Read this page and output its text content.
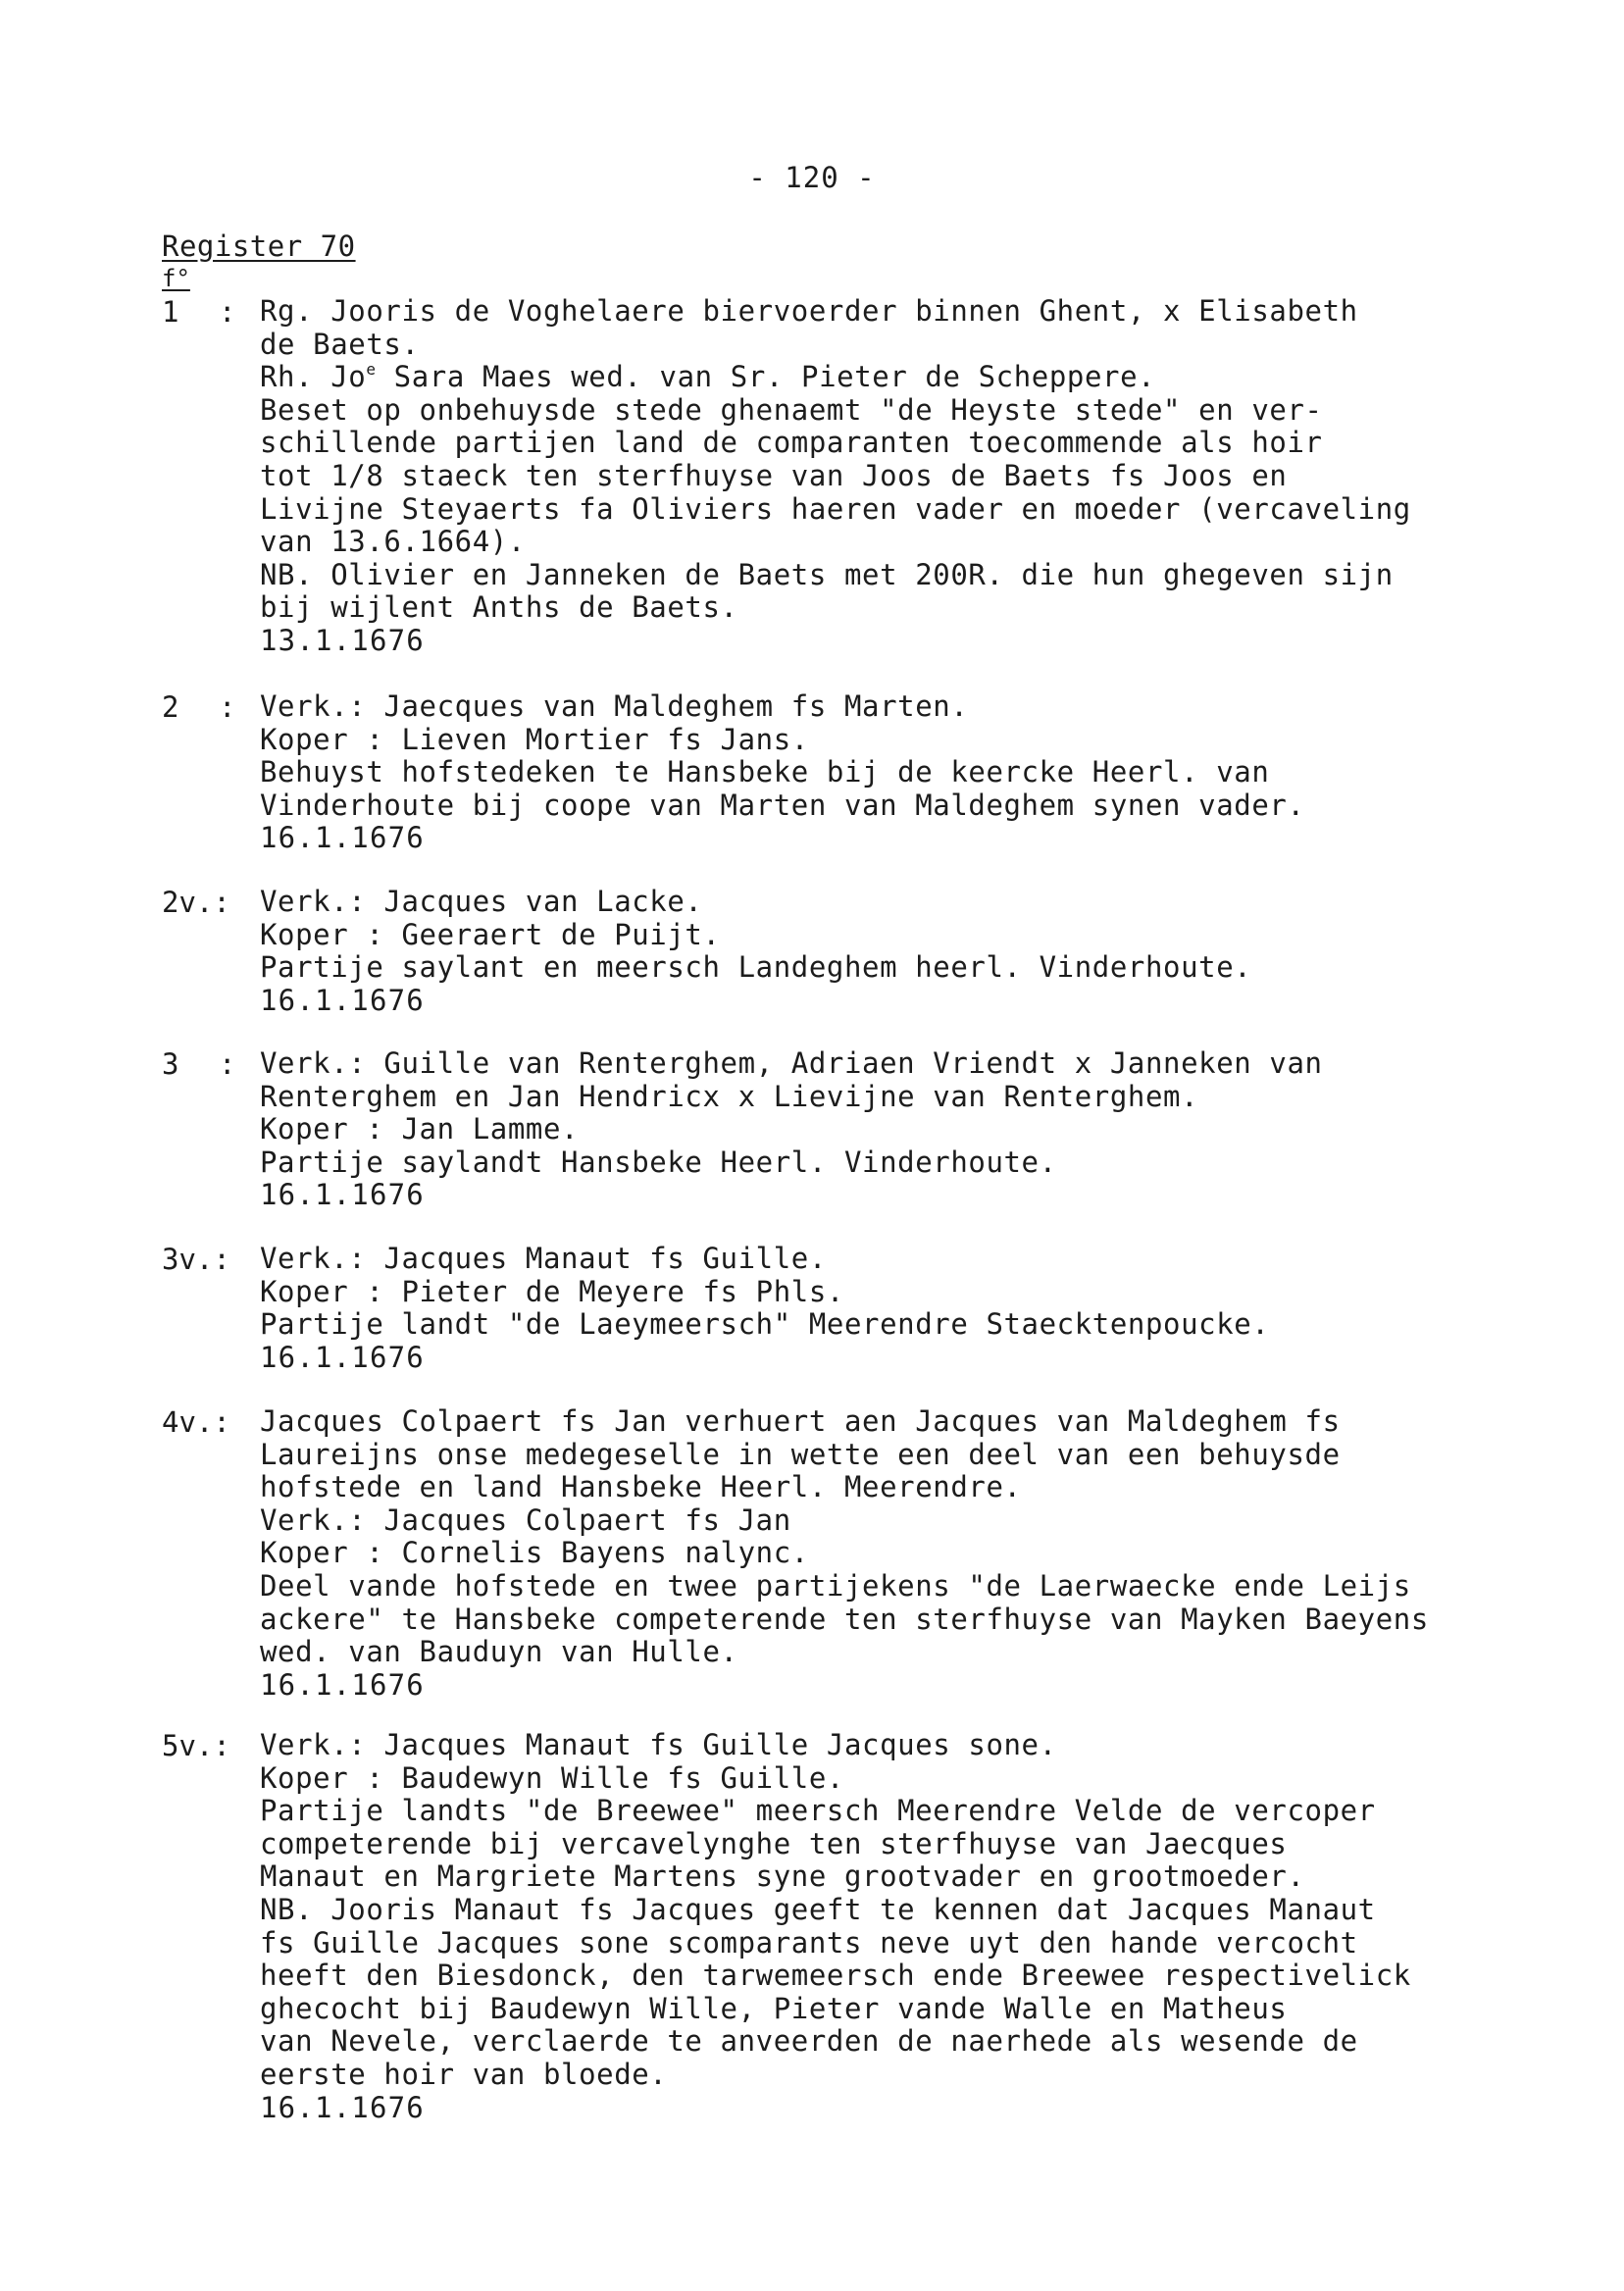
- 120 -
Register 70
f°
1 : Rg. Jooris de Voghelaere biervoerder binnen Ghent, x Elisabeth
de Baets.
Rh. Jo$^e$ Sara Maes wed. van Sr. Pieter de Scheppere.
Beset op onbehuysde stede ghenaemt "de Heyste stede" en ver-
schillende partijen land de comparanten toecommende als hoir
tot 1/8 staeck ten sterfhuyse van Joos de Baets fs Joos en
Livijne Steyaerts fa Oliviers haeren vader en moeder (vercaveling
van 13.6.1664).
NB. Olivier en Janneken de Baets met 200R. die hun ghegeven sijn
bij wijlent Anths de Baets.
13.1.1676
2 : Verk.: Jaecques van Maldeghem fs Marten.
Koper : Lieven Mortier fs Jans.
Behuyst hofstedeken te Hansbeke bij de keercke Heerl. van
Vinderhoute bij coope van Marten van Maldeghem synen vader.
16.1.1676
2v.: Verk.: Jacques van Lacke.
Koper : Geeraert de Puijt.
Partije saylant en meersch Landeghem heerl. Vinderhoute.
16.1.1676
3 : Verk.: Guille van Renterghem, Adriaen Vriendt x Janneken van
Renterghem en Jan Hendricx x Lievijne van Renterghem.
Koper : Jan Lamme.
Partije saylandt Hansbeke Heerl. Vinderhoute.
16.1.1676
3v.: Verk.: Jacques Manaut fs Guille.
Koper : Pieter de Meyere fs Phls.
Partije landt "de Laeymeersch" Meerendre Staecktenpoucke.
16.1.1676
4v.: Jacques Colpaert fs Jan verhuert aen Jacques van Maldeghem fs
Laureijns onse medegeselle in wette een deel van een behuysde
hofstede en land Hansbeke Heerl. Meerendre.
Verk.: Jacques Colpaert fs Jan
Koper : Cornelis Bayens nalync.
Deel vande hofstede en twee partijekens "de Laerwaecke ende Leijs
ackere" te Hansbeke competerende ten sterfhuyse van Mayken Baeyens
wed. van Bauduyn van Hulle.
16.1.1676
5v.: Verk.: Jacques Manaut fs Guille Jacques sone.
Koper : Baudewyn Wille fs Guille.
Partije landts "de Breewee" meersch Meerendre Velde de vercoper
competerende bij vercavelynghe ten sterfhuyse van Jaecques
Manaut en Margriete Martens syne grootvader en grootmoeder.
NB. Jooris Manaut fs Jacques geeft te kennen dat Jacques Manaut
fs Guille Jacques sone scomparants neve uyt den hande vercocht
heeft den Biesdonck, den tarwemeersch ende Breewee respectivelick
ghecocht bij Baudewyn Wille, Pieter vande Walle en Matheus
van Nevele, verclaerde te anveerden de naerhede als wesende de
eerste hoir van bloede.
16.1.1676
